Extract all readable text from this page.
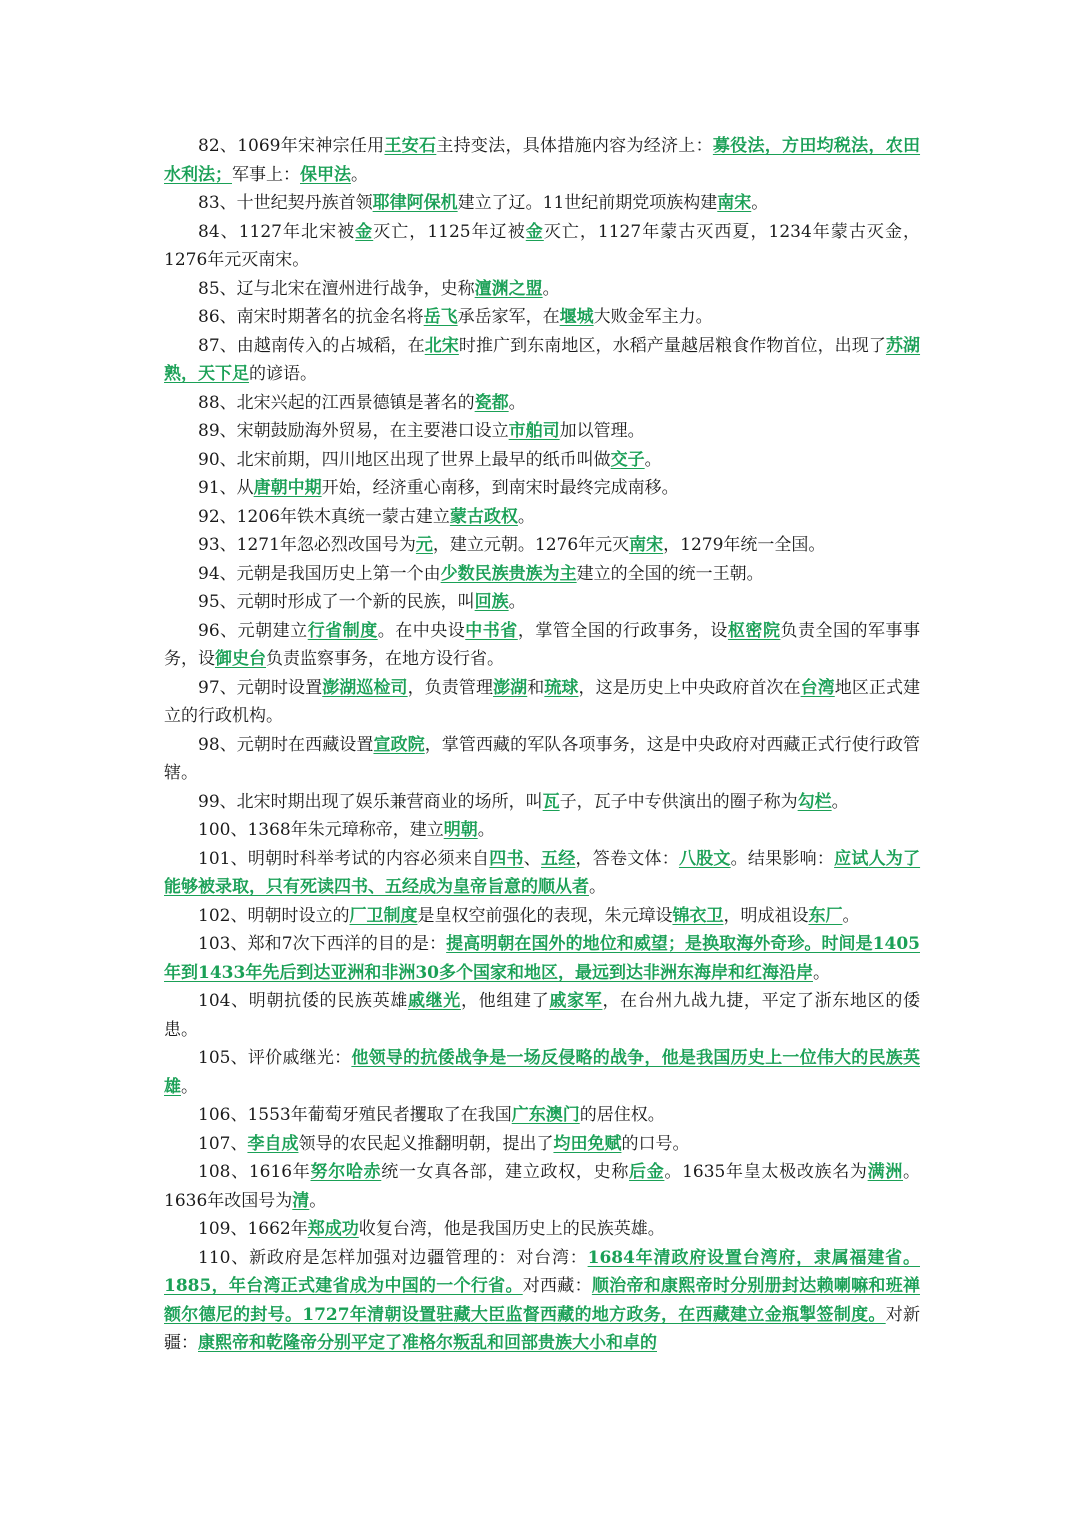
82、1069年宋神宗任用王安石主持变法，具体措施内容为经济上：募役法，方田均税法，农田水利法；军事上：保甲法。

83、十世纪契丹族首领耶律阿保机建立了辽。11世纪前期党项族构建南宋。

84、1127年北宋被金灭亡，1125年辽被金灭亡，1127年蒙古灭西夏，1234年蒙古灭金，1276年元灭南宋。

85、辽与北宋在澶州进行战争，史称澶渊之盟。

86、南宋时期著名的抗金名将岳飞承岳家军，在堰城大败金军主力。

87、由越南传入的占城稻，在北宋时推广到东南地区，水稻产量越居粮食作物首位，出现了苏湖熟，天下足的谚语。

88、北宋兴起的江西景德镇是著名的瓷都。

89、宋朝鼓励海外贸易，在主要港口设立市舶司加以管理。

90、北宋前期，四川地区出现了世界上最早的纸币叫做交子。

91、从唐朝中期开始，经济重心南移，到南宋时最终完成南移。

92、1206年铁木真统一蒙古建立蒙古政权。

93、1271年忽必烈改国号为元，建立元朝。1276年元灭南宋，1279年统一全国。

94、元朝是我国历史上第一个由少数民族贵族为主建立的全国的统一王朝。

95、元朝时形成了一个新的民族，叫回族。

96、元朝建立行省制度。在中央设中书省，掌管全国的行政事务，设枢密院负责全国的军事事务，设御史台负责监察事务，在地方设行省。

97、元朝时设置澎湖巡检司，负责管理澎湖和琉球，这是历史上中央政府首次在台湾地区正式建立的行政机构。

98、元朝时在西藏设置宣政院，掌管西藏的军队各项事务，这是中央政府对西藏正式行使行政管辖。

99、北宋时期出现了娱乐兼营商业的场所，叫瓦子，瓦子中专供演出的圈子称为勾栏。

100、1368年朱元璋称帝，建立明朝。

101、明朝时科举考试的内容必须来自四书、五经，答卷文体：八股文。结果影响：应试人为了能够被录取，只有死读四书、五经成为皇帝旨意的顺从者。

102、明朝时设立的厂卫制度是皇权空前强化的表现，朱元璋设锦衣卫，明成祖设东厂。

103、郑和7次下西洋的目的是：提高明朝在国外的地位和威望；是换取海外奇珍。时间是1405年到1433年先后到达亚洲和非洲30多个国家和地区，最远到达非洲东海岸和红海沿岸。

104、明朝抗倭的民族英雄戚继光，他组建了戚家军，在台州九战九捷，平定了浙东地区的倭患。

105、评价戚继光：他领导的抗倭战争是一场反侵略的战争，他是我国历史上一位伟大的民族英雄。

106、1553年葡萄牙殖民者攫取了在我国广东澳门的居住权。

107、李自成领导的农民起义推翻明朝，提出了均田免赋的口号。

108、1616年努尔哈赤统一女真各部，建立政权，史称后金。1635年皇太极改族名为满洲。1636年改国号为清。

109、1662年郑成功收复台湾，他是我国历史上的民族英雄。

110、新政府是怎样加强对边疆管理的：对台湾：1684年清政府设置台湾府，隶属福建省。1885，年台湾正式建省成为中国的一个行省。对西藏：顺治帝和康熙帝时分别册封达赖喇嘛和班禅额尔德尼的封号。1727年清朝设置驻藏大臣监督西藏的地方政务，在西藏建立金瓶掣签制度。对新疆：康熙帝和乾隆帝分别平定了准格尔叛乱和回部贵族大小和卓的
